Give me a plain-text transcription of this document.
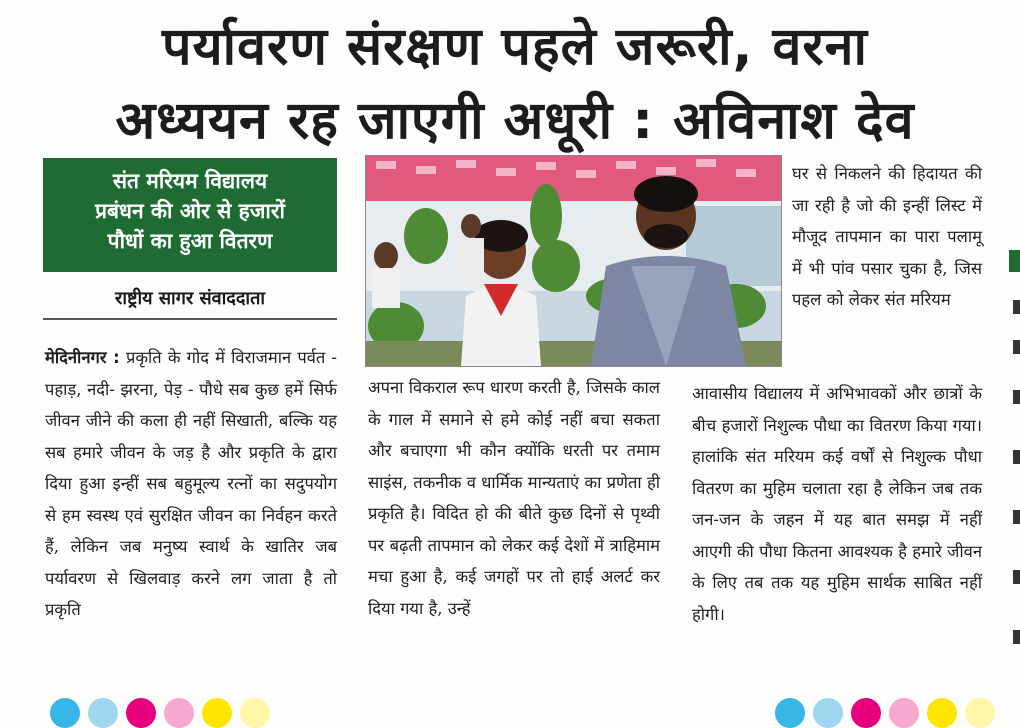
पर्यावरण संरक्षण पहले जरूरी, वरना
अध्ययन रह जाएगी अधूरी : अविनाश देव
संत मरियम विद्यालय
प्रबंधन की ओर से हजारों
पौधों का हुआ वितरण
राष्ट्रीय सागर संवाददाता
मेदिनीनगर : प्रकृति के गोद में विराजमान पर्वत - पहाड़, नदी- झरना, पेड़ - पौधे सब कुछ हमें सिर्फ जीवन जीने की कला ही नहीं सिखाती, बल्कि यह सब हमारे जीवन के जड़ है और प्रकृति के द्वारा दिया हुआ इन्हीं सब बहुमूल्य रत्नों का सदुपयोग से हम स्वस्थ एवं सुरक्षित जीवन का निर्वहन करते हैं, लेकिन जब मनुष्य स्वार्थ के खातिर जब पर्यावरण से खिलवाड़ करने लग जाता है तो प्रकृति
अपना विकराल रूप धारण करती है, जिसके काल के गाल में समाने से हमे कोई नहीं बचा सकता और बचाएगा भी कौन क्योंकि धरती पर तमाम साइंस, तकनीक व धार्मिक मान्यताएं का प्रणेता ही प्रकृति है। विदित हो की बीते कुछ दिनों से पृथ्वी पर बढ़ती तापमान को लेकर कई देशों में त्राहिमाम मचा हुआ है, कई जगहों पर तो हाई अलर्ट कर दिया गया है, उन्हें
घर से निकलने की हिदायत की जा रही है जो की इन्हीं लिस्ट में मौजूद तापमान का पारा पलामू में भी पांव पसार चुका है, जिस पहल को लेकर संत मरियम
आवासीय विद्यालय में अभिभावकों और छात्रों के बीच हजारों निशुल्क पौधा का वितरण किया गया। हालांकि संत मरियम कई वर्षों से निशुल्क पौधा वितरण का मुहिम चलाता रहा है लेकिन जब तक जन-जन के जहन में यह बात समझ में नहीं आएगी की पौधा कितना आवश्यक है हमारे जीवन के लिए तब तक यह मुहिम सार्थक साबित नहीं होगी।
